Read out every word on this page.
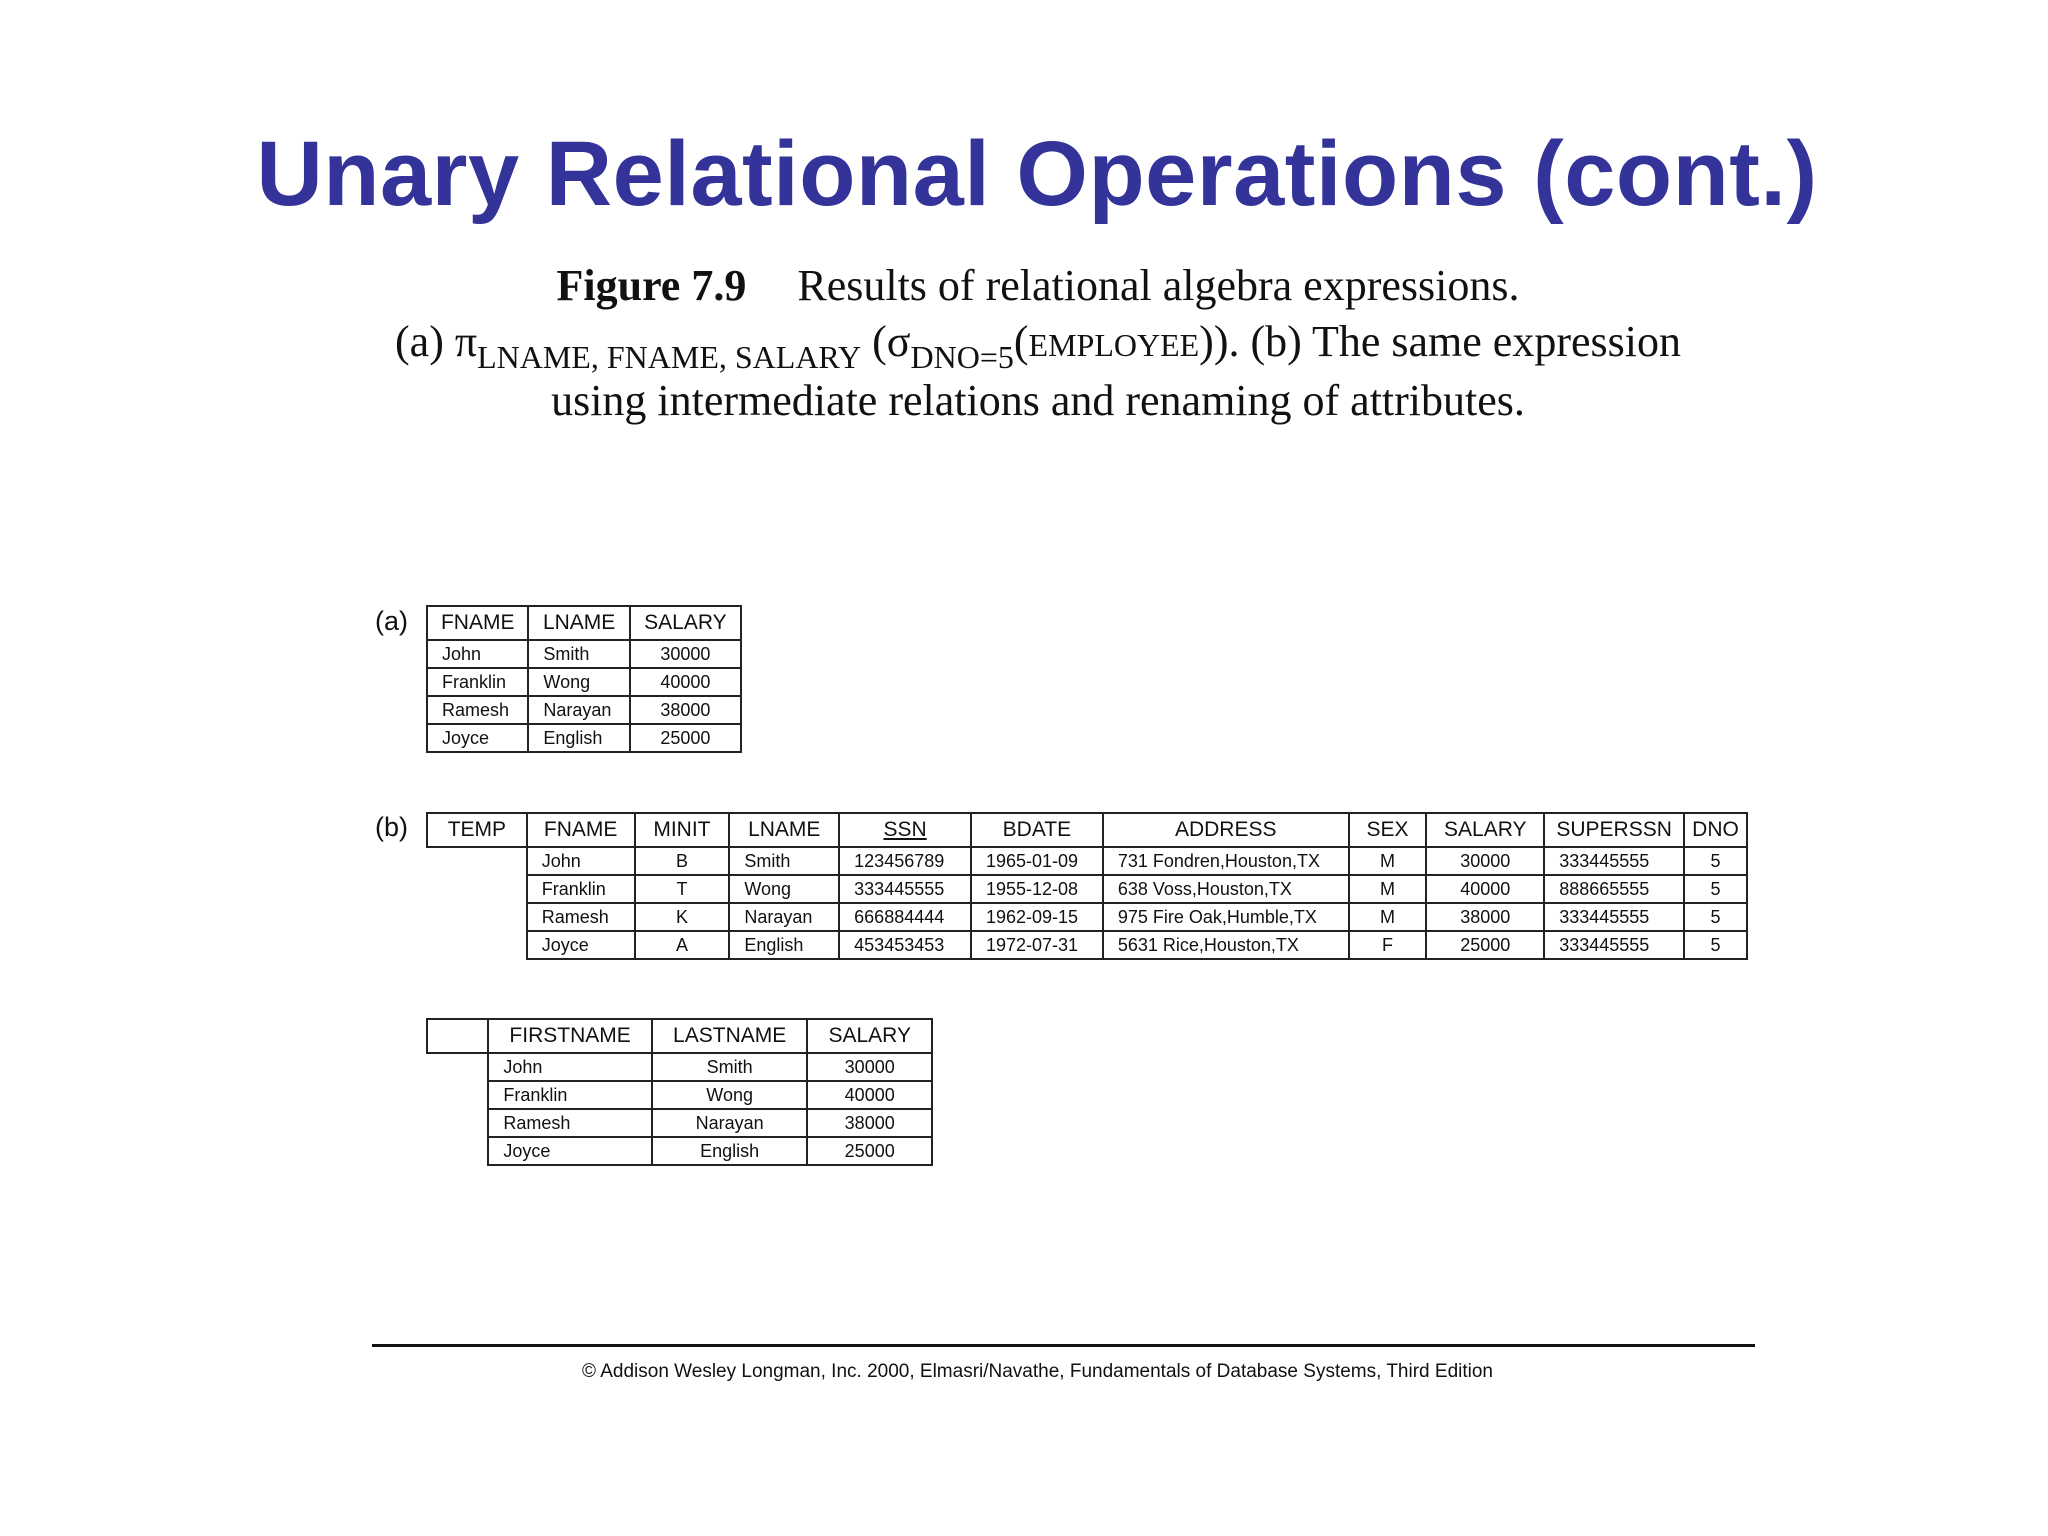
Unary Relational Operations (cont.)
Figure 7.9 Results of relational algebra expressions.
(a) $\pi_{LNAME, FNAME, SALARY}$ $(\sigma_{DNO=5}(EMPLOYEE))$. (b) The same expression
using intermediate relations and renaming of attributes.
(a) FNAME	LNAME	SALARY
John	Smith	30000
Franklin	Wong	40000
Ramesh	Narayan	38000
Joyce	English	25000
(b) TEMP	FNAME	MINIT	LNAME	SSN	BDATE	ADDRESS	SEX	SALARY	SUPERSSN	DNO
	John	B	Smith	123456789	1965-01-09	731 Fondren,Houston,TX	M	30000	333445555	5
	Franklin	T	Wong	333445555	1955-12-08	638 Voss,Houston,TX	M	40000	888665555	5
	Ramesh	K	Narayan	666884444	1962-09-15	975 Fire Oak,Humble,TX	M	38000	333445555	5
	Joyce	A	English	453453453	1972-07-31	5631 Rice,Houston,TX	F	25000	333445555	5
	FIRSTNAME	LASTNAME	SALARY
	John	Smith	30000
	Franklin	Wong	40000
	Ramesh	Narayan	38000
	Joyce	English	25000
© Addison Wesley Longman, Inc. 2000, Elmasri/Navathe, Fundamentals of Database Systems, Third Edition
